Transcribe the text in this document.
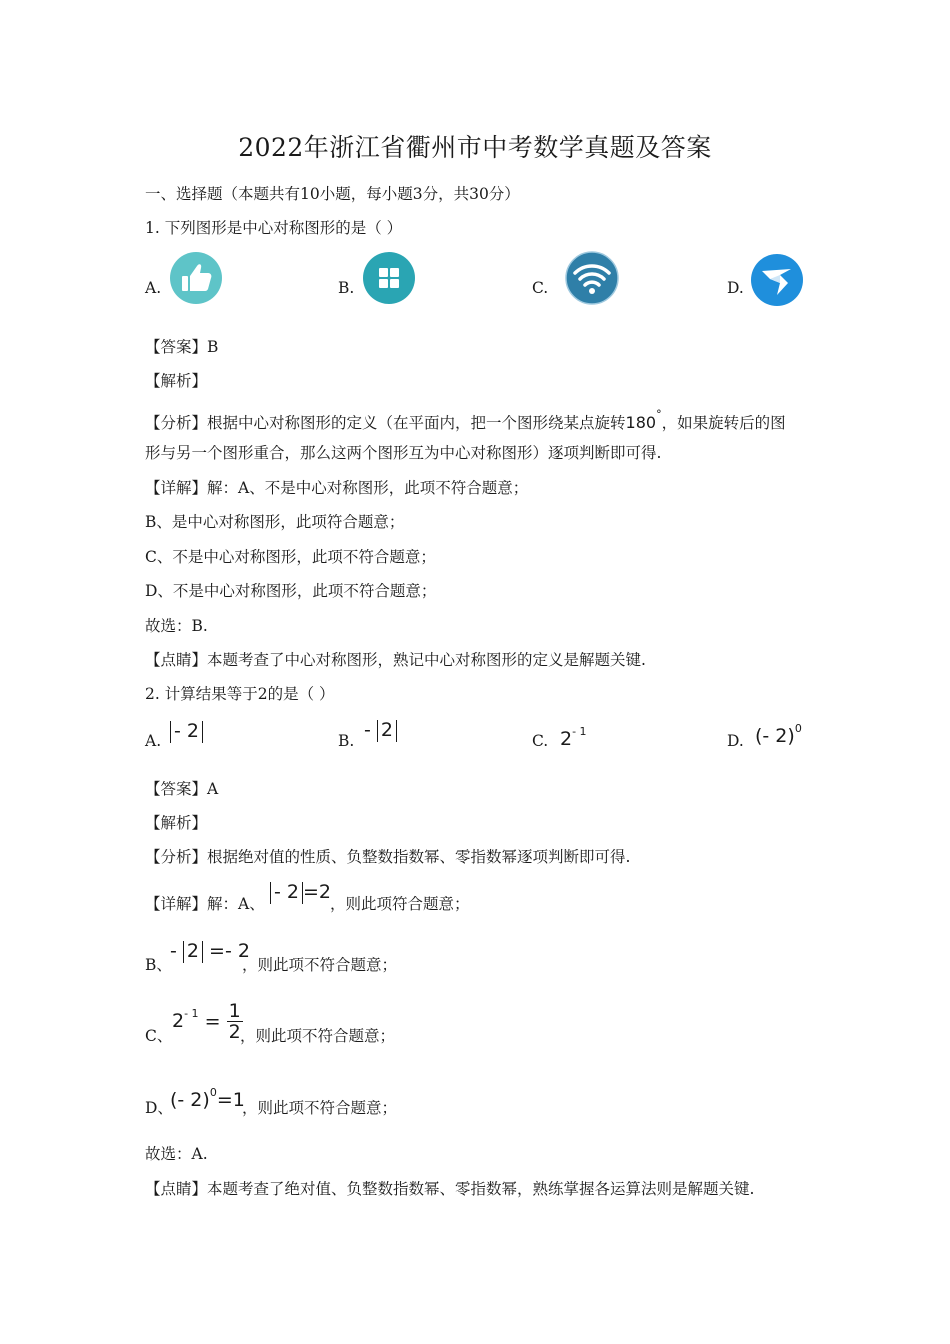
2022年浙江省衢州市中考数学真题及答案
一、选择题（本题共有10小题，每小题3分，共30分）
1. 下列图形是中心对称图形的是（ ）
A.	B.	C.	D.
【答案】B
【解析】
【分析】根据中心对称图形的定义（在平面内，把一个图形绕某点旋转180°，如果旋转后的图
形与另一个图形重合，那么这两个图形互为中心对称图形）逐项判断即可得.
【详解】解：A、不是中心对称图形，此项不符合题意；
B、是中心对称图形，此项符合题意；
C、不是中心对称图形，此项不符合题意；
D、不是中心对称图形，此项不符合题意；
故选：B.
【点睛】本题考查了中心对称图形，熟记中心对称图形的定义是解题关键.
2. 计算结果等于2的是（ ）
A. - 2	B. - 2	C. $2^{- 1}$
D. (- 2)$^0$
【答案】A
【解析】
【分析】根据绝对值的性质、负整数指数幂、零指数幂逐项判断即可得.
【详解】解：A、
- 2 =2
，则此项符合题意；
B、
- 2 =- 2
，则此项不符合题意；
C、
$2^{- 1} = \frac{1}{2}$
，则此项不符合题意；
D、
(- 2)$^0$=1
，则此项不符合题意；
故选：A.
【点睛】本题考查了绝对值、负整数指数幂、零指数幂，熟练掌握各运算法则是解题关键.
